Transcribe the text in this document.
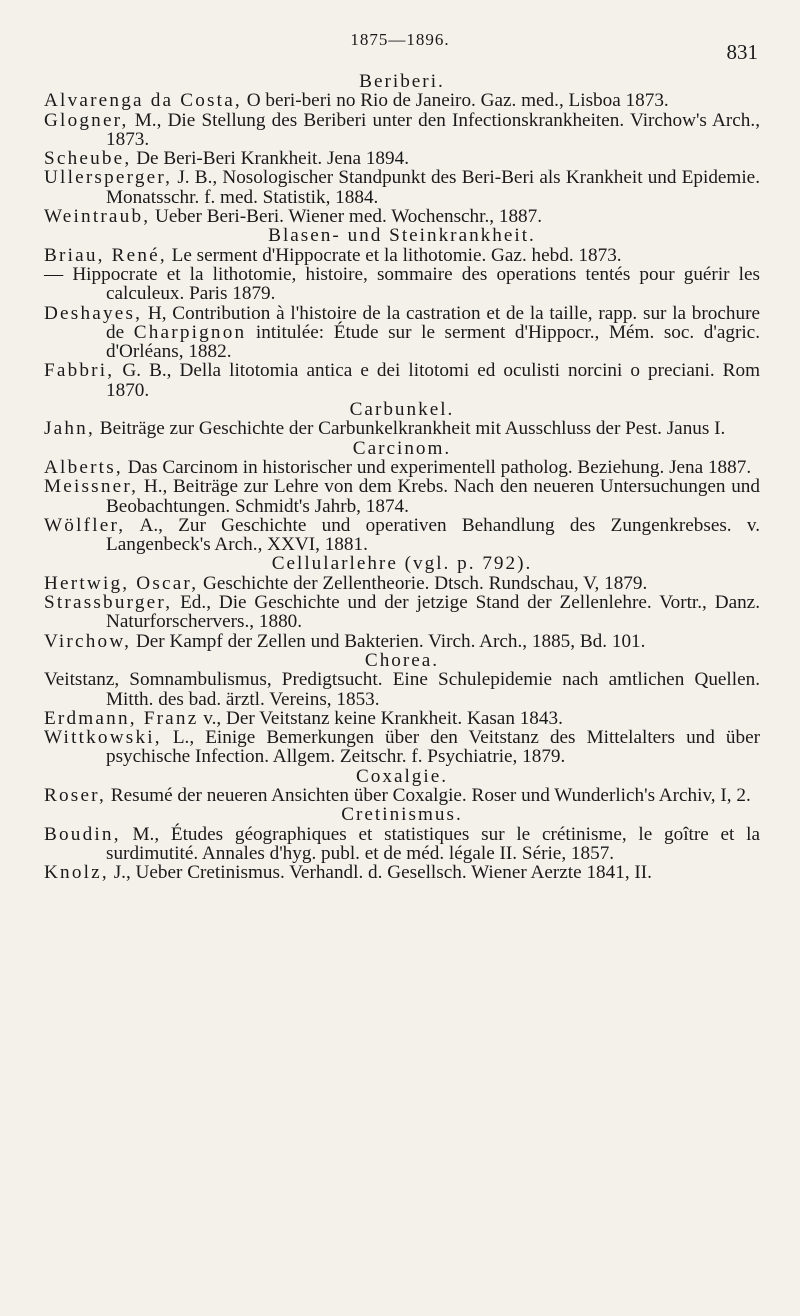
1875—1896.
831

Beriberi.

Alvarenga da Costa, O beri-beri no Rio de Janeiro. Gaz. med., Lisboa 1873.

Glogner, M., Die Stellung des Beriberi unter den Infectionskrankheiten. Virchow's Arch., 1873.

Scheube, De Beri-Beri Krankheit. Jena 1894.

Ullersperger, J. B., Nosologischer Standpunkt des Beri-Beri als Krankheit und Epidemie. Monatsschr. f. med. Statistik, 1884.

Weintraub, Ueber Beri-Beri. Wiener med. Wochenschr., 1887.

Blasen- und Steinkrankheit.

Briau, René, Le serment d'Hippocrate et la lithotomie. Gaz. hebd. 1873.

— Hippocrate et la lithotomie, histoire, sommaire des operations tentés pour guérir les calculeux. Paris 1879.

Deshayes, H, Contribution à l'histoire de la castration et de la taille, rapp. sur la brochure de Charpignon intitulée: Étude sur le serment d'Hippocr., Mém. soc. d'agric. d'Orléans, 1882.

Fabbri, G. B., Della litotomia antica e dei litotomi ed oculisti norcini o preciani. Rom 1870.

Carbunkel.

Jahn, Beiträge zur Geschichte der Carbunkelkrankheit mit Ausschluss der Pest. Janus I.

Carcinom.

Alberts, Das Carcinom in historischer und experimentell patholog. Beziehung. Jena 1887.

Meissner, H., Beiträge zur Lehre von dem Krebs. Nach den neueren Untersuchungen und Beobachtungen. Schmidt's Jahrb, 1874.

Wölfler, A., Zur Geschichte und operativen Behandlung des Zungenkrebses. v. Langenbeck's Arch., XXVI, 1881.

Cellularlehre (vgl. p. 792).

Hertwig, Oscar, Geschichte der Zellentheorie. Dtsch. Rundschau, V, 1879.

Strassburger, Ed., Die Geschichte und der jetzige Stand der Zellenlehre. Vortr., Danz. Naturforschervers., 1880.

Virchow, Der Kampf der Zellen und Bakterien. Virch. Arch., 1885, Bd. 101.

Chorea.

Veitstanz, Somnambulismus, Predigtsucht. Eine Schulepidemie nach amtlichen Quellen. Mitth. des bad. ärztl. Vereins, 1853.

Erdmann, Franz v., Der Veitstanz keine Krankheit. Kasan 1843.

Wittkowski, L., Einige Bemerkungen über den Veitstanz des Mittelalters und über psychische Infection. Allgem. Zeitschr. f. Psychiatrie, 1879.

Coxalgie.

Roser, Resumé der neueren Ansichten über Coxalgie. Roser und Wunderlich's Archiv, I, 2.

Cretinismus.

Boudin, M., Études géographiques et statistiques sur le crétinisme, le goître et la surdimutité. Annales d'hyg. publ. et de méd. légale II. Série, 1857.

Knolz, J., Ueber Cretinismus. Verhandl. d. Gesellsch. Wiener Aerzte 1841, II.
